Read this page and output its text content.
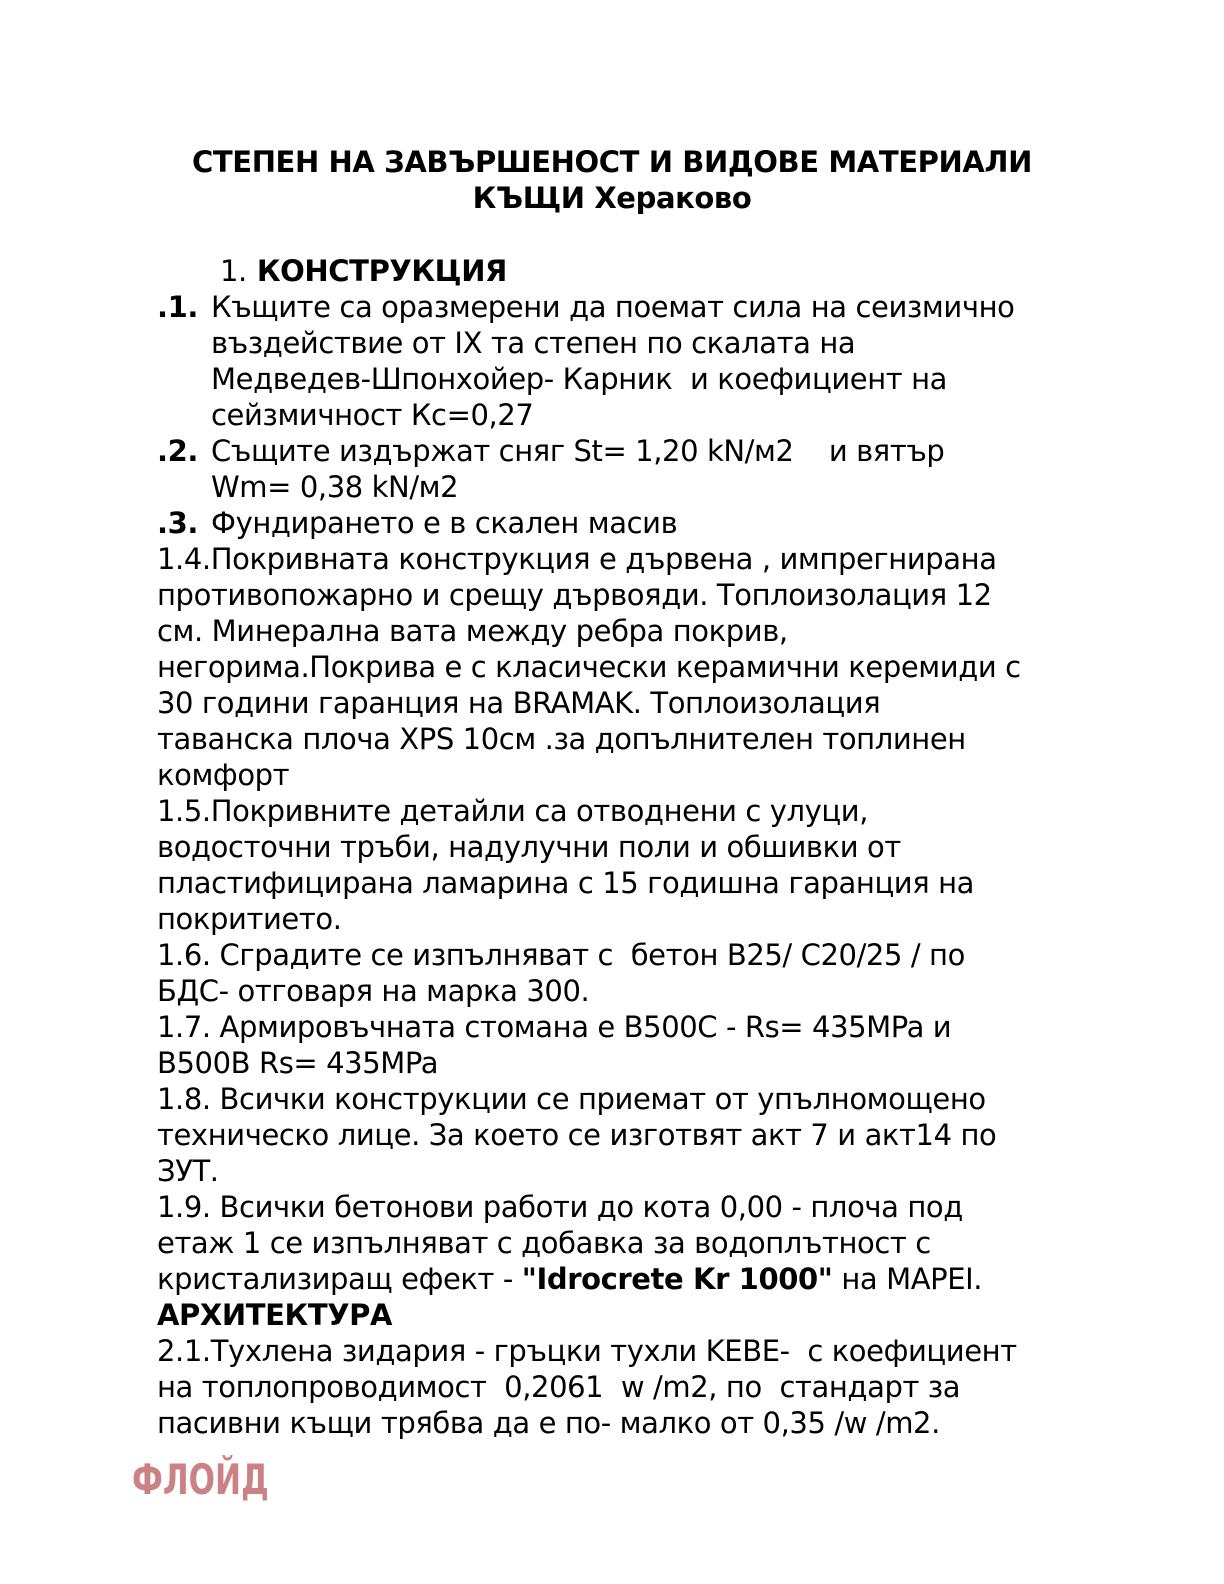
СТЕПЕН НА ЗАВЪРШЕНОСТ И ВИДОВЕ МАТЕРИАЛИ
КЪЩИ Хераково
1. КОНСТРУКЦИЯ
.1. Къщите са оразмерени да поемат сила на сеизмично
въздействие от IX та степен по скалата на
Медведев-Шпонхойер- Карник  и коефициент на
сейзмичност Кс=0,27
.2. Същите издържат сняг St= 1,20 kN/м2    и вятър
Wm= 0,38 kN/м2
.3. Фундирането е в скален масив
1.4.Покривната конструкция е дървена , импрегнирана
противопожарно и срещу дървояди. Топлоизолация 12
см. Минерална вата между ребра покрив,
негорима.Покрива е с класически керамични керемиди с
30 години гаранция на BRAMAK. Топлоизолация
таванска плоча XPS 10см .за допълнителен топлинен
комфорт
1.5.Покривните детайли са отводнени с улуци,
водосточни тръби, надулучни поли и обшивки от
пластифицирана ламарина с 15 годишна гаранция на
покритието.
1.6. Сградите се изпълняват с  бетон В25/ С20/25 / по
БДС- отговаря на марка 300.
1.7. Армировъчната стомана е B500C - Rs= 435MPa и
B500B Rs= 435MPa
1.8. Всички конструкции се приемат от упълномощено
техническо лице. За което се изготвят акт 7 и акт14 по
ЗУТ.
1.9. Всички бетонови работи до кота 0,00 - плоча под
етаж 1 се изпълняват с добавка за водоплътност с
кристализиращ ефект - "Idrocrete Kr 1000" на MAPEI.
АРХИТЕКТУРА
2.1.Тухлена зидария - гръцки тухли KEBE-  с коефициент
на топлопроводимост  0,2061  w /m2, по  стандарт за
пасивни къщи трябва да е по- малко от 0,35 /w /m2.
ФЛОЙД
